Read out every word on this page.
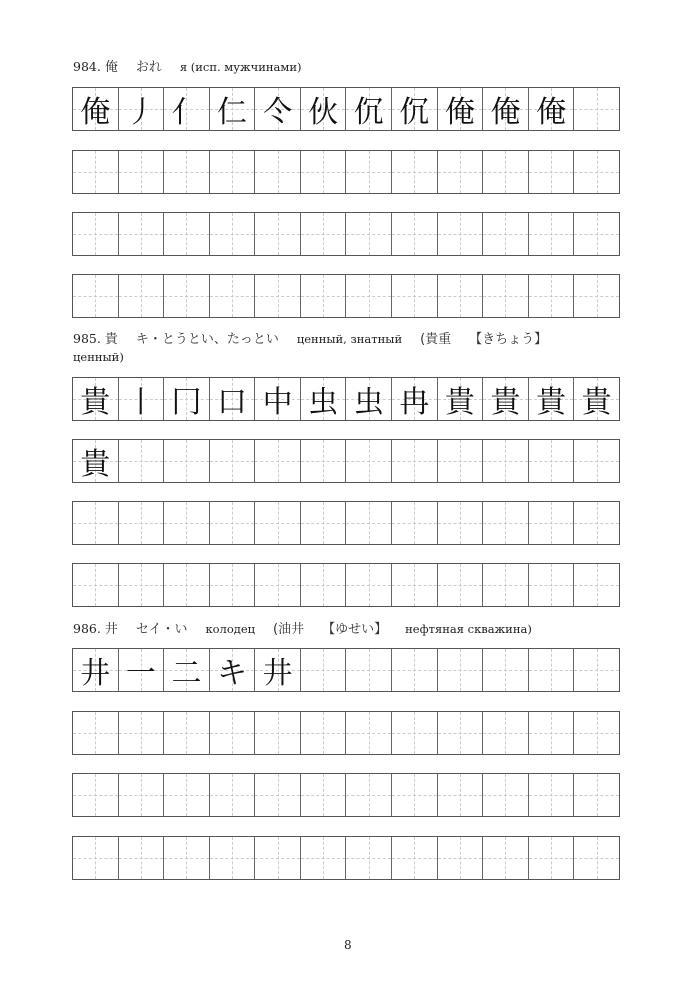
984. 俺 おれ я (исп. мужчинами)
985. 貴 キ・とうとい、たっとい ценный, знатный (貴重 【きちょう】
ценный)
986. 井 セイ・い колодец (油井 【ゆせい】 нефтяная скважина)
俺 丿 亻 仁 仒 伙 伔 伔 俺 俺 俺
貴 丨 冂 口 中 虫 虫 冉 貴 貴 貴 貴
貴
井 一 二 キ 井
8
